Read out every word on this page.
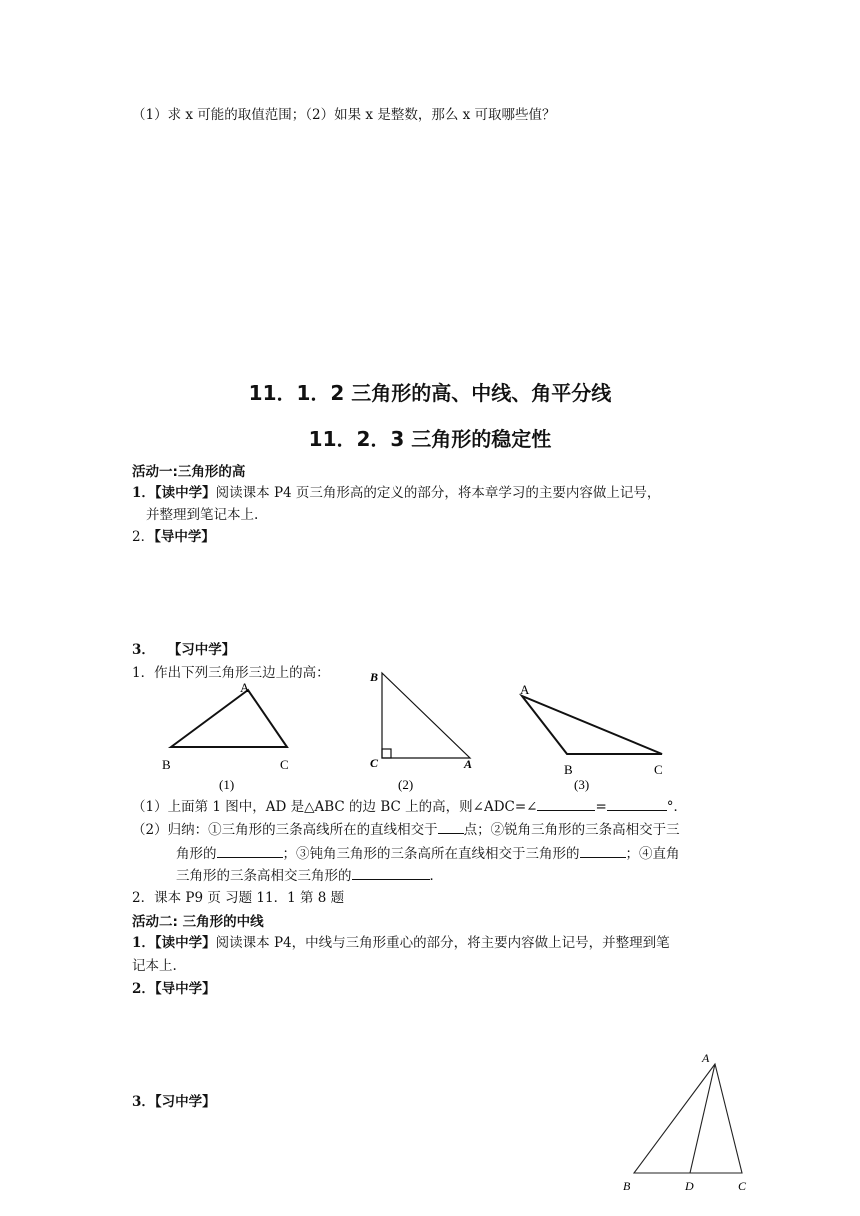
（1）求 x 可能的取值范围；（2）如果 x 是整数，那么 x 可取哪些值？
11．1．2 三角形的高、中线、角平分线
11．2．3 三角形的稳定性
活动一:三角形的高
1．【读中学】阅读课本 P4 页三角形高的定义的部分，将本章学习的主要内容做上记号，
并整理到笔记本上.
2．【导中学】
3． 【习中学】
1．作出下列三角形三边上的高：
A
B	C
(1)
B
C	A
(2)
A
B	C
(3)
（1）上面第 1 图中，AD 是△ABC 的边 BC 上的高，则∠ADC=∠	=	°．
（2）归纳：①三角形的三条高线所在的直线相交于 点；②锐角三角形的三条高相交于三
角形的	；③钝角三角形的三条高所在直线相交于三角形的	；④直角
三角形的三条高相交三角形的	．
2．课本 P9 页 习题 11．1 第 8 题
活动二: 三角形的中线
1．【读中学】阅读课本 P4，中线与三角形重心的部分，将主要内容做上记号，并整理到笔
记本上.
2．【导中学】
3．【习中学】
A
B	D	C
